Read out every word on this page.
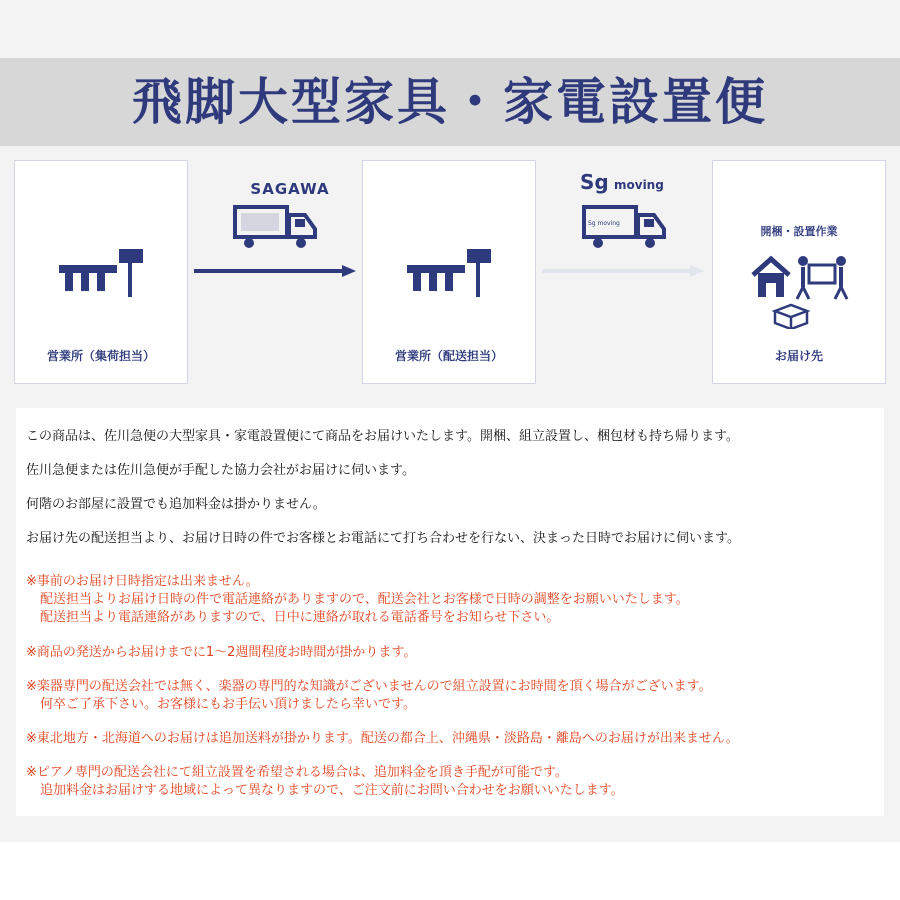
飛脚大型家具・家電設置便
営業所（集荷担当）
SAGAWA
営業所（配送担当）
Sg moving
Sg moving
開梱・設置作業
お届け先
この商品は、佐川急便の大型家具・家電設置便にて商品をお届けいたします。開梱、組立設置し、梱包材も持ち帰ります。
佐川急便または佐川急便が手配した協力会社がお届けに伺います。
何階のお部屋に設置でも追加料金は掛かりません。
お届け先の配送担当より、お届け日時の件でお客様とお電話にて打ち合わせを行ない、決まった日時でお届けに伺います。
※事前のお届け日時指定は出来ません。
配送担当よりお届け日時の件で電話連絡がありますので、配送会社とお客様で日時の調整をお願いいたします。
配送担当より電話連絡がありますので、日中に連絡が取れる電話番号をお知らせ下さい。
※商品の発送からお届けまでに1～2週間程度お時間が掛かります。
※楽器専門の配送会社では無く、楽器の専門的な知識がございませんので組立設置にお時間を頂く場合がございます。
何卒ご了承下さい。お客様にもお手伝い頂けましたら幸いです。
※東北地方・北海道へのお届けは追加送料が掛かります。配送の都合上、沖縄県・淡路島・離島へのお届けが出来ません。
※ピアノ専門の配送会社にて組立設置を希望される場合は、追加料金を頂き手配が可能です。
追加料金はお届けする地域によって異なりますので、ご注文前にお問い合わせをお願いいたします。
